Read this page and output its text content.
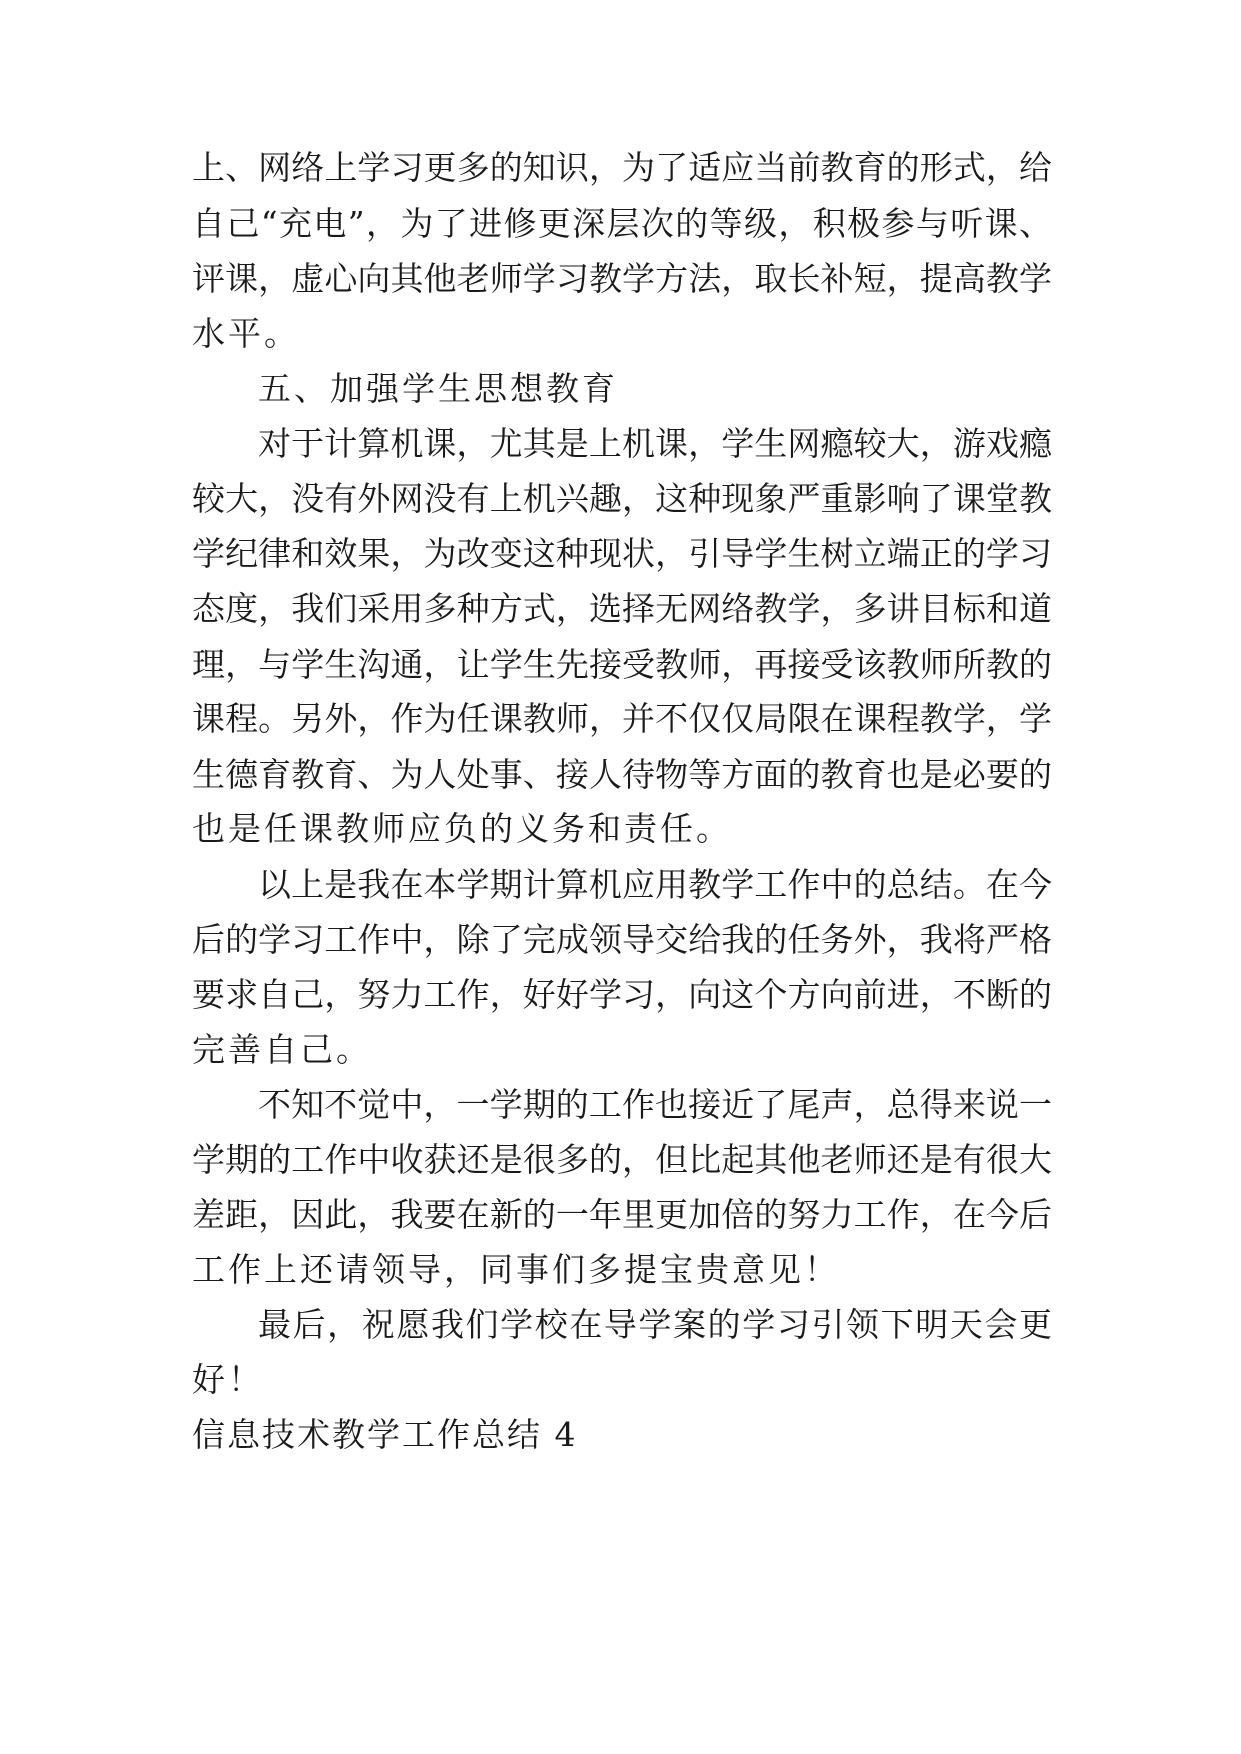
上、网络上学习更多的知识，为了适应当前教育的形式，给
自己“充电”，为了进修更深层次的等级，积极参与听课、
评课，虚心向其他老师学习教学方法，取长补短，提高教学
水平。
五、加强学生思想教育
对于计算机课，尤其是上机课，学生网瘾较大，游戏瘾
较大，没有外网没有上机兴趣，这种现象严重影响了课堂教
学纪律和效果，为改变这种现状，引导学生树立端正的学习
态度，我们采用多种方式，选择无网络教学，多讲目标和道
理，与学生沟通，让学生先接受教师，再接受该教师所教的
课程。另外，作为任课教师，并不仅仅局限在课程教学，学
生德育教育、为人处事、接人待物等方面的教育也是必要的
也是任课教师应负的义务和责任。
以上是我在本学期计算机应用教学工作中的总结。在今
后的学习工作中，除了完成领导交给我的任务外，我将严格
要求自己，努力工作，好好学习，向这个方向前进，不断的
完善自己。
不知不觉中，一学期的工作也接近了尾声，总得来说一
学期的工作中收获还是很多的，但比起其他老师还是有很大
差距，因此，我要在新的一年里更加倍的努力工作，在今后
工作上还请领导，同事们多提宝贵意见！
最后，祝愿我们学校在导学案的学习引领下明天会更
好！
信息技术教学工作总结 4
